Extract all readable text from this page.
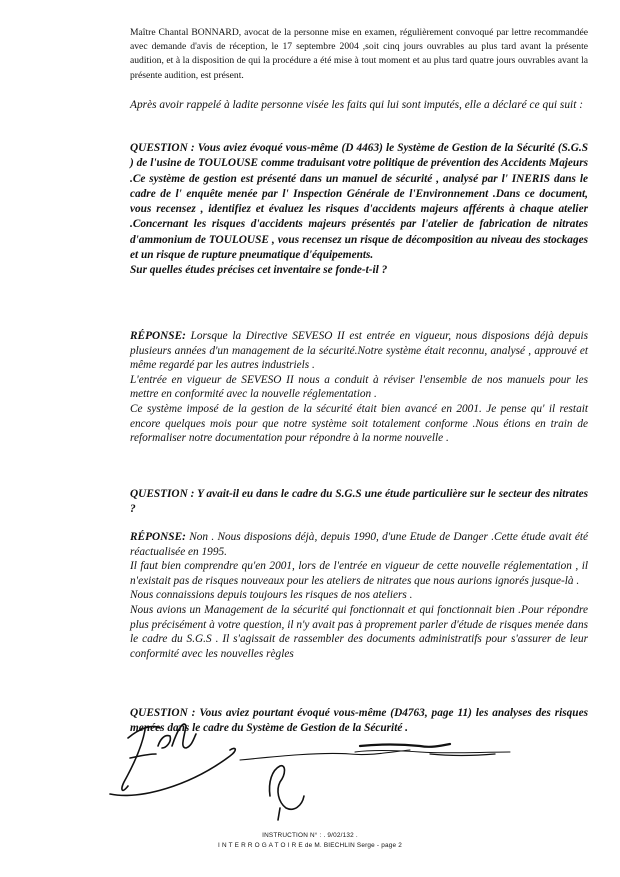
Maître Chantal BONNARD, avocat de la personne mise en examen, régulièrement convoqué par lettre recommandée avec demande d'avis de réception, le 17 septembre 2004 ,soit cinq jours ouvrables au plus tard avant la présente audition, et à la disposition de qui la procédure a été mise à tout moment et au plus tard quatre jours ouvrables avant la présente audition, est présent.
Après avoir rappelé à ladite personne visée les faits qui lui sont imputés, elle a déclaré ce qui suit :
QUESTION : Vous aviez évoqué vous-même (D 4463) le Système de Gestion de la Sécurité (S.G.S ) de l'usine de TOULOUSE comme traduisant votre politique de prévention des Accidents Majeurs .Ce système de gestion est présenté dans un manuel de sécurité , analysé par l' INERIS dans le cadre de l' enquête menée par l' Inspection Générale de l'Environnement .Dans ce document, vous recensez , identifiez et évaluez les risques d'accidents majeurs afférents à chaque atelier .Concernant les risques d'accidents majeurs présentés par l'atelier de fabrication de nitrates d'ammonium de TOULOUSE , vous recensez un risque de décomposition au niveau des stockages et un risque de rupture pneumatique d'équipements.
Sur quelles études précises cet inventaire se fonde-t-il ?
RÉPONSE: Lorsque la Directive SEVESO II est entrée en vigueur, nous disposions déjà depuis plusieurs années d'un management de la sécurité.Notre système était reconnu, analysé , approuvé et même regardé par les autres industriels .
L'entrée en vigueur de SEVESO II nous a conduit à réviser l'ensemble de nos manuels pour les mettre en conformité avec la nouvelle réglementation .
Ce système imposé de la gestion de la sécurité était bien avancé en 2001. Je pense qu' il restait encore quelques mois pour que notre système soit totalement conforme .Nous étions en train de reformaliser notre documentation pour répondre à la norme nouvelle .
QUESTION : Y avait-il eu dans le cadre du S.G.S une étude particulière sur le secteur des nitrates ?
RÉPONSE: Non . Nous disposions déjà, depuis 1990, d'une Etude de Danger .Cette étude avait été réactualisée en 1995.
Il faut bien comprendre qu'en 2001, lors de l'entrée en vigueur de cette nouvelle réglementation , il n'existait pas de risques nouveaux pour les ateliers de nitrates que nous aurions ignorés jusque-là .
Nous connaissions depuis toujours les risques de nos ateliers .
Nous avions un Management de la sécurité qui fonctionnait et qui fonctionnait bien .Pour répondre plus précisément à votre question, il n'y avait pas à proprement parler d'étude de risques menée dans le cadre du S.G.S . Il s'agissait de rassembler des documents administratifs pour s'assurer de leur conformité avec les nouvelles règles
QUESTION : Vous aviez pourtant évoqué vous-même (D4763, page 11) les analyses des risques menées dans le cadre du Système de Gestion de la Sécurité .
INSTRUCTION N° : . 9/02/132 .
I N T E R R O G A T O I R E de M. BIECHLIN Serge - page 2
